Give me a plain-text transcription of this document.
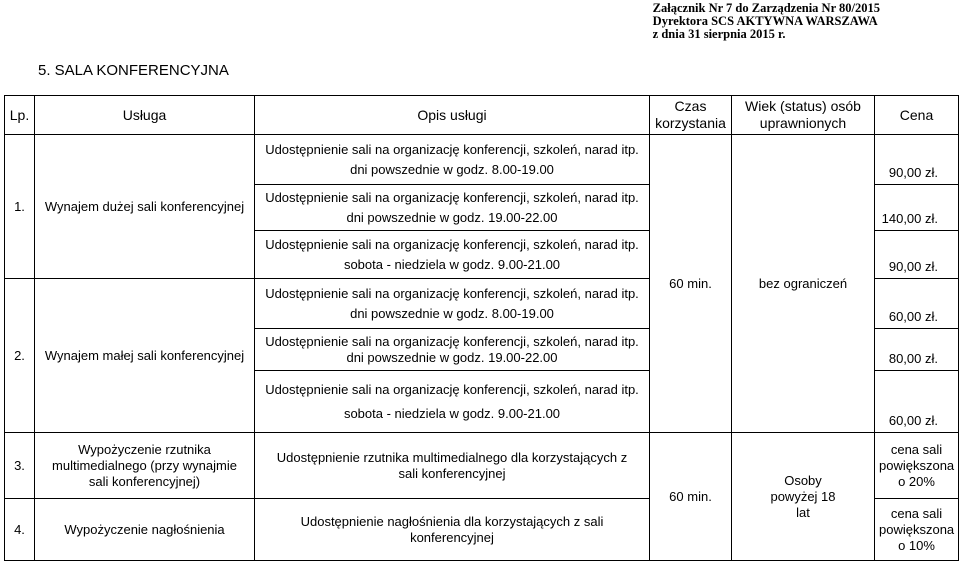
Załącznik Nr 7 do Zarządzenia Nr 80/2015
Dyrektora SCS AKTYWNA WARSZAWA
z dnia 31 sierpnia 2015 r.
5. SALA KONFERENCYJNA
Lp.	Usługa	Opis usługi	Czas korzystania	Wiek (status) osób uprawnionych	Cena
1.	Wynajem dużej sali konferencyjnej	Udostępnienie sali na organizację konferencji, szkoleń, narad itp.
dni powszednie w godz. 8.00-19.00	60 min.	bez ograniczeń	90,00 zł.

		Udostępnienie sali na organizację konferencji, szkoleń, narad itp.
dni powszednie w godz. 19.00-22.00			140,00 zł.

		Udostępnienie sali na organizację konferencji, szkoleń, narad itp.
sobota - niedziela w godz. 9.00-21.00			90,00 zł.
2.	Wynajem małej sali konferencyjnej	Udostępnienie sali na organizację konferencji, szkoleń, narad itp.
dni powszednie w godz. 8.00-19.00			60,00 zł.

		Udostępnienie sali na organizację konferencji, szkoleń, narad itp.
dni powszednie w godz. 19.00-22.00			80,00 zł.

		Udostępnienie sali na organizację konferencji, szkoleń, narad itp.
sobota - niedziela w godz. 9.00-21.00			60,00 zł.
3.	Wypożyczenie rzutnika multimedialnego (przy wynajmie sali konferencyjnej)	Udostępnienie rzutnika multimedialnego dla korzystających z sali konferencyjnej	60 min.	Osoby powyżej 18 lat	cena sali powiększona o 20%
4.	Wypożyczenie nagłośnienia	Udostępnienie nagłośnienia dla korzystających z sali konferencyjnej			cena sali powiększona o 10%
